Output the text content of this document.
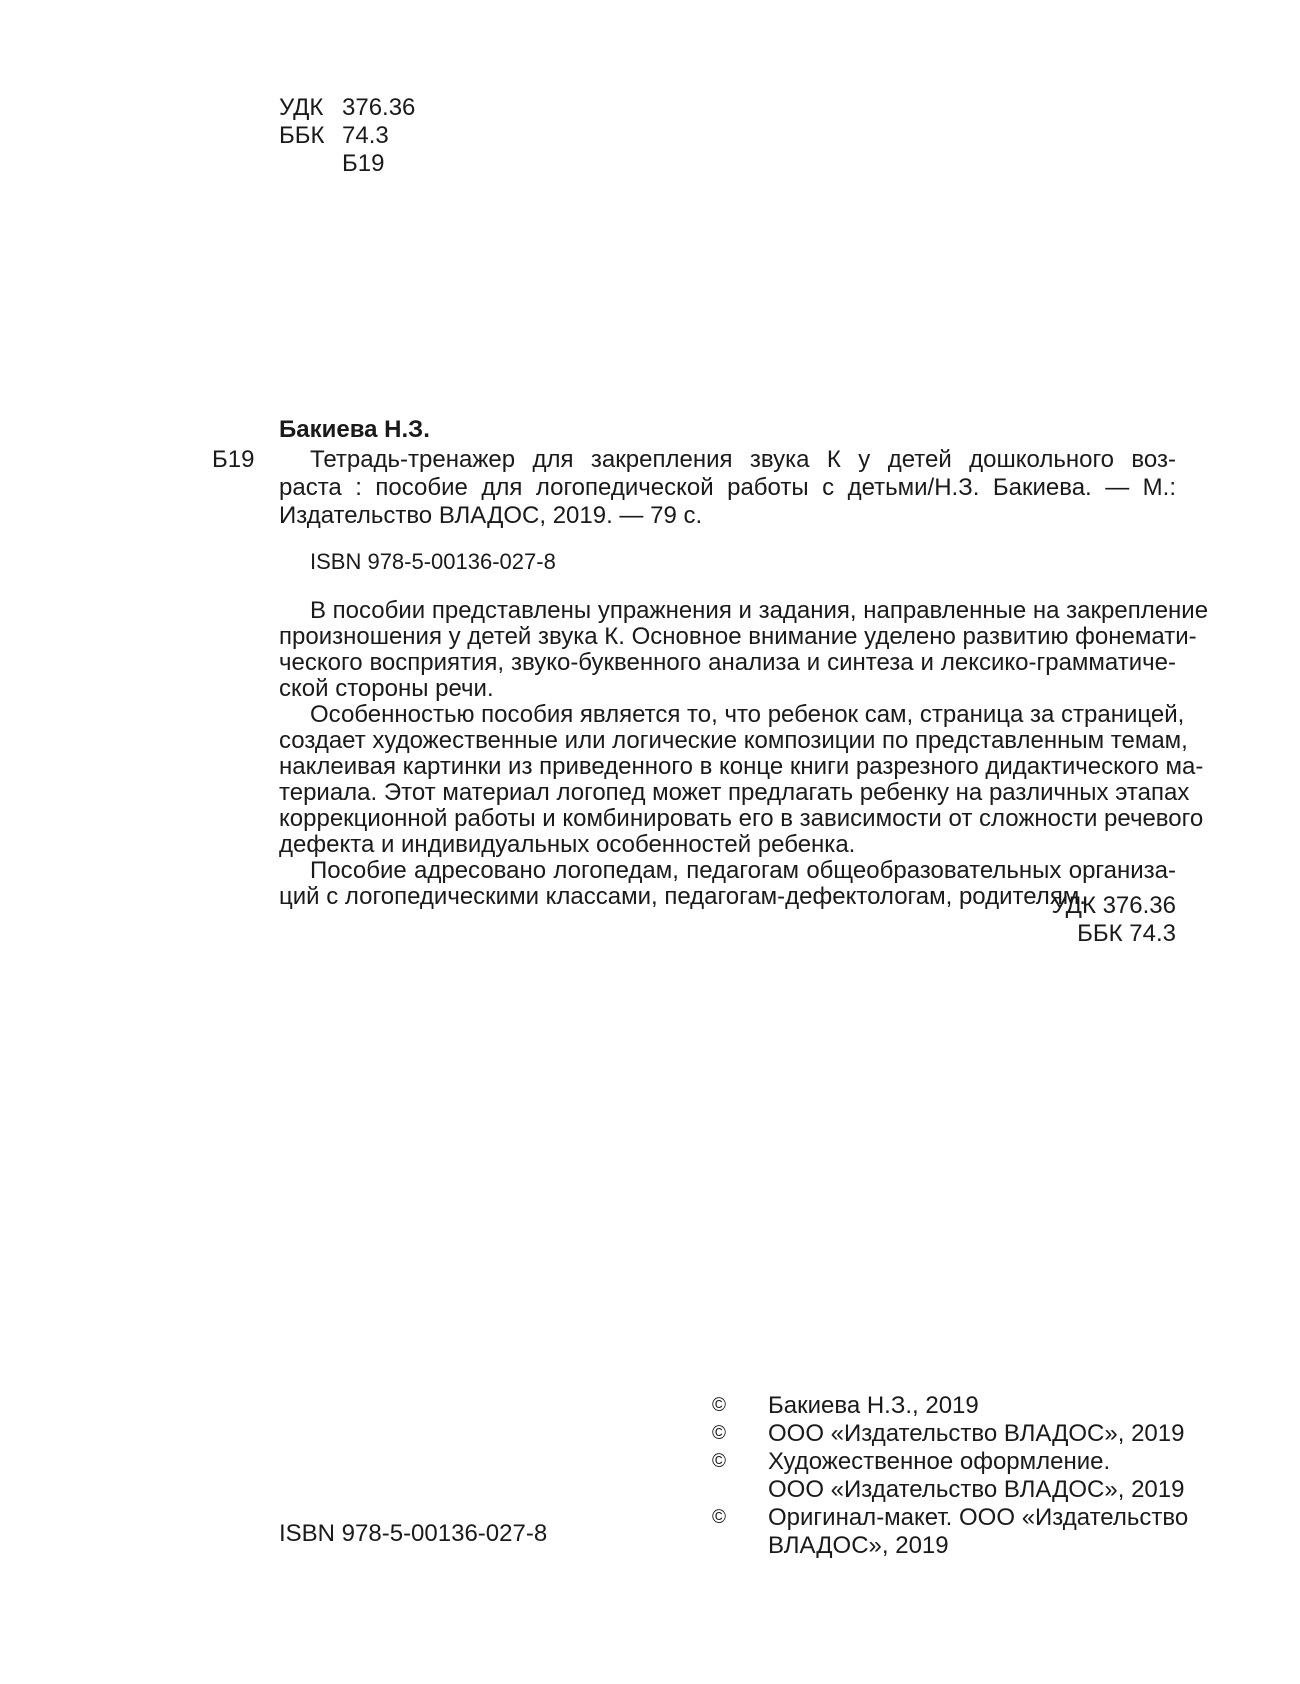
УДК 376.36
ББК 74.3
Б19
Бакиева Н.З.
Б19	Тетрадь-тренажер для закрепления звука К у детей дошкольного воз-
раста : пособие для логопедической работы с детьми/Н.З. Бакиева. — М.:
Издательство ВЛАДОС, 2019. — 79 с.
ISBN 978-5-00136-027-8
В пособии представлены упражнения и задания, направленные на закрепление
произношения у детей звука К. Основное внимание уделено развитию фонемати-
ческого восприятия, звуко-буквенного анализа и синтеза и лексико-грамматиче-
ской стороны речи.
Особенностью пособия является то, что ребенок сам, страница за страницей,
создает художественные или логические композиции по представленным темам,
наклеивая картинки из приведенного в конце книги разрезного дидактического ма-
териала. Этот материал логопед может предлагать ребенку на различных этапах
коррекционной работы и комбинировать его в зависимости от сложности речевого
дефекта и индивидуальных особенностей ребенка.
Пособие адресовано логопедам, педагогам общеобразовательных организа-
ций с логопедическими классами, педагогам-дефектологам, родителям.
УДК 376.36
ББК 74.3
©	Бакиева Н.З., 2019
©	ООО «Издательство ВЛАДОС», 2019
©	Художественное оформление.
ООО «Издательство ВЛАДОС», 2019
©	Оригинал-макет. ООО «Издательство
ВЛАДОС», 2019
ISBN 978-5-00136-027-8
